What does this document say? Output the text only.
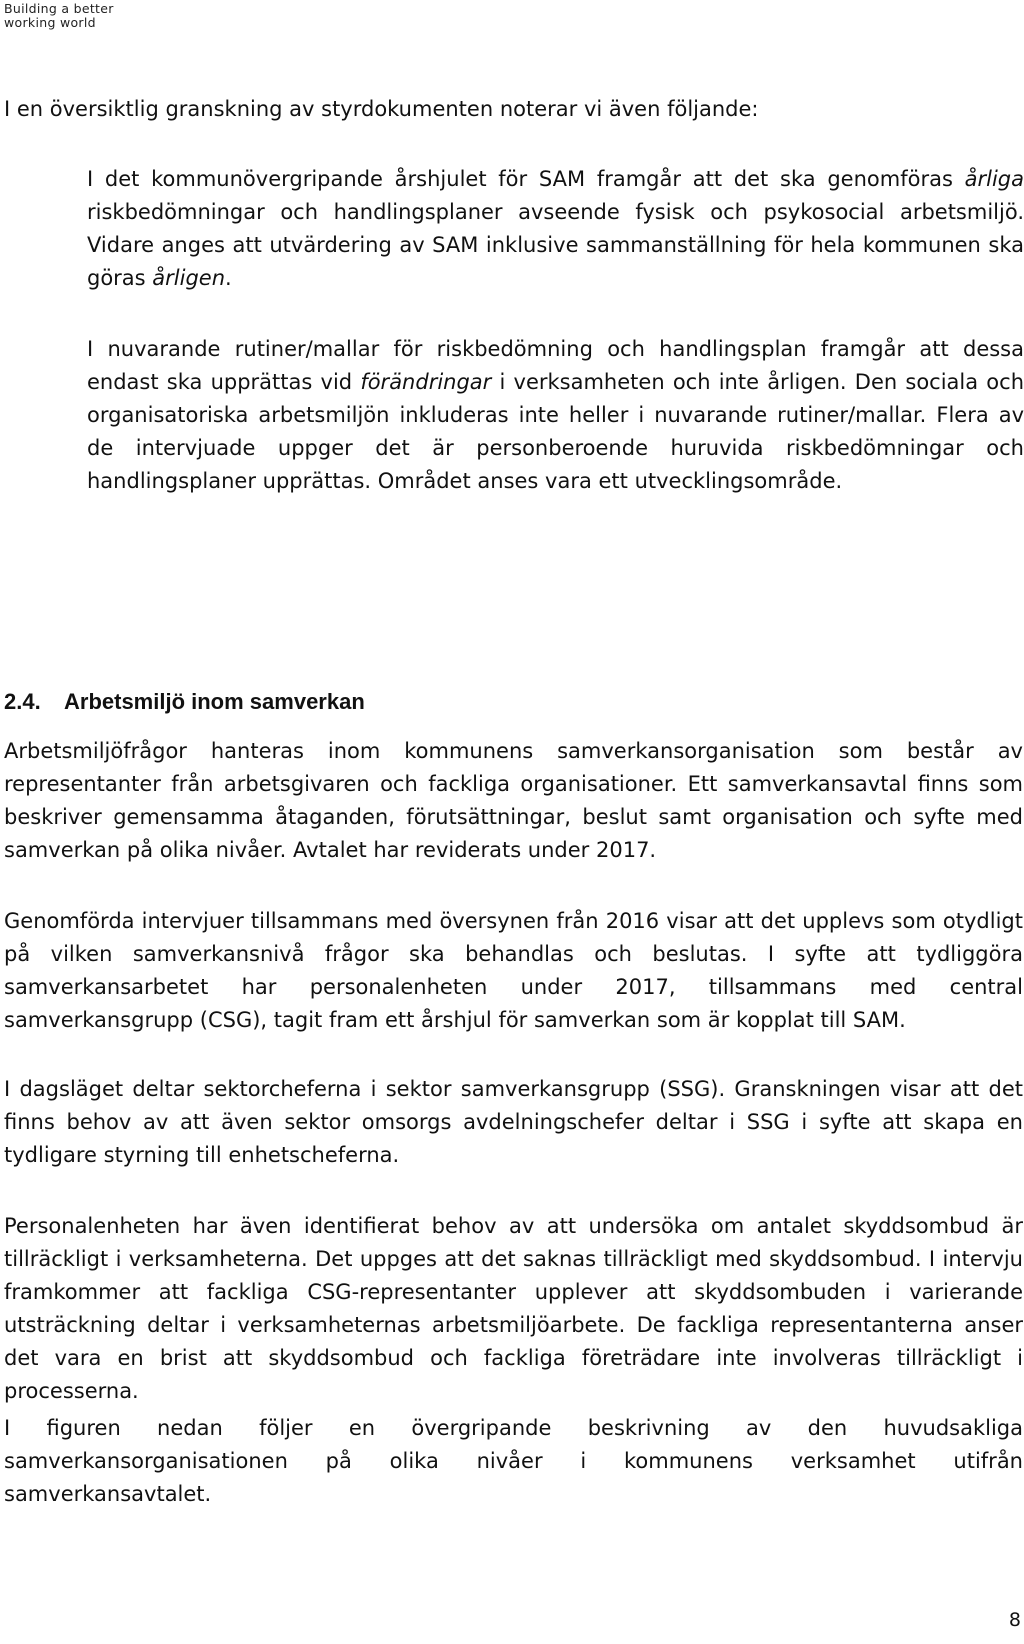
Building a better
working world

I en översiktlig granskning av styrdokumenten noterar vi även följande:

I det kommunövergripande årshjulet för SAM framgår att det ska genomföras årliga riskbedömningar och handlingsplaner avseende fysisk och psykosocial arbetsmiljö. Vidare anges att utvärdering av SAM inklusive sammanställning för hela kommunen ska göras årligen.

I nuvarande rutiner/mallar för riskbedömning och handlingsplan framgår att dessa endast ska upprättas vid förändringar i verksamheten och inte årligen. Den sociala och organisatoriska arbetsmiljön inkluderas inte heller i nuvarande rutiner/mallar. Flera av de intervjuade uppger det är personberoende huruvida riskbedömningar och handlingsplaner upprättas. Området anses vara ett utvecklingsområde.

2.4. Arbetsmiljö inom samverkan

Arbetsmiljöfrågor hanteras inom kommunens samverkansorganisation som består av representanter från arbetsgivaren och fackliga organisationer. Ett samverkansavtal finns som beskriver gemensamma åtaganden, förutsättningar, beslut samt organisation och syfte med samverkan på olika nivåer. Avtalet har reviderats under 2017.

Genomförda intervjuer tillsammans med översynen från 2016 visar att det upplevs som otydligt på vilken samverkansnivå frågor ska behandlas och beslutas. I syfte att tydliggöra samverkansarbetet har personalenheten under 2017, tillsammans med central samverkansgrupp (CSG), tagit fram ett årshjul för samverkan som är kopplat till SAM.

I dagsläget deltar sektorcheferna i sektor samverkansgrupp (SSG). Granskningen visar att det finns behov av att även sektor omsorgs avdelningschefer deltar i SSG i syfte att skapa en tydligare styrning till enhetscheferna.

Personalenheten har även identifierat behov av att undersöka om antalet skyddsombud är tillräckligt i verksamheterna. Det uppges att det saknas tillräckligt med skyddsombud. I intervju framkommer att fackliga CSG-representanter upplever att skyddsombuden i varierande utsträckning deltar i verksamheternas arbetsmiljöarbete. De fackliga representanterna anser det vara en brist att skyddsombud och fackliga företrädare inte involveras tillräckligt i processerna.

I figuren nedan följer en övergripande beskrivning av den huvudsakliga samverkansorganisationen på olika nivåer i kommunens verksamhet utifrån

samverkansavtalet.

8
